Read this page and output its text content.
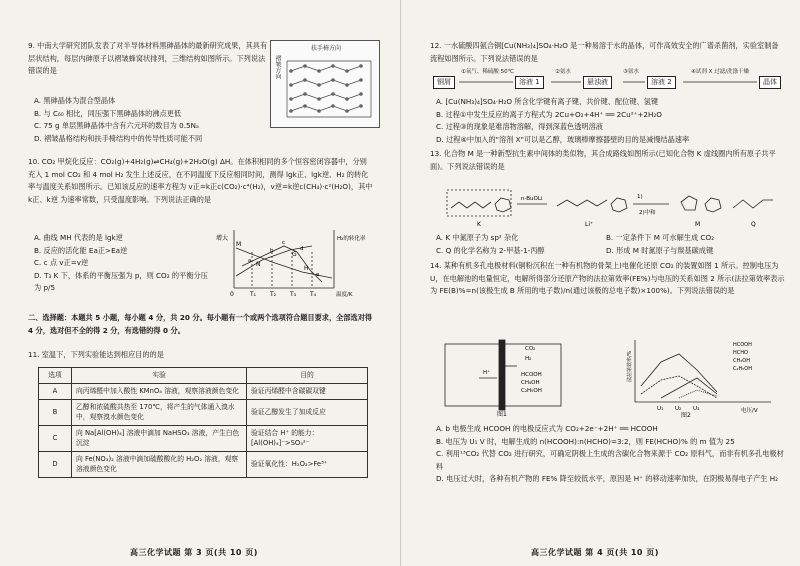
9. 中南大学研究团队发表了对半导体材料黑砷晶体的最新研究成果，其具有层状结构，每层内砷原子以褶皱蜂窝状排列，三维结构如图所示。下列说法错误的是	褶皱方向
扶手椅方向
A. 黑砷晶体为混合型晶体
B. 与 C₆₀ 相比，同压强下黑砷晶体的沸点更低
C. 75 g 单层黑砷晶体中含有六元环的数目为 0.5Nₐ
D. 褶皱晶格结构和扶手椅结构中的传导性质可能不同
10. CO₂ 甲烷化反应：CO₂(g)+4H₂(g)⇌CH₄(g)+2H₂O(g) ΔH。在体积相同的多个恒容密闭容器中，分别充入 1 mol CO₂ 和 4 mol H₂ 发生上述反应，在不同温度下反应相同时间，测得 lgk正、lgk逆、H₂ 的转化率与温度关系如图所示。已知该反应的速率方程为 v正=k正c(CO₂)·c⁴(H₂)，v逆=k逆c(CH₄)·c²(H₂O)，其中 k正、k逆 为速率常数，只受温度影响。下列说法正确的是
A. 曲线 MH 代表的是 lgk逆
B. 反应的活化能 Ea正>Ea逆
C. c 点 v正=v逆
D. T₃ K 下，体系的平衡压强为 p，则 CO₂ 的平衡分压为 p/5
增大	H₂的转化率
0	T₁ T₂ T₃ T₄	温度/K
M
N
H
G
a
b
c
d
e
二、选择题：本题共 5 小题，每小题 4 分，共 20 分。每小题有一个或两个选项符合题目要求，全部选对得 4 分，选对但不全的得 2 分，有选错的得 0 分。
11. 室温下，下列实验能达到相应目的的是
选项	实验	目的
A	向丙烯醛中加入酸性 KMnO₄ 溶液，观察溶液颜色变化	验证丙烯醛中含碳碳双键
B	乙醇和浓硫酸共热至 170℃，将产生的气体通入溴水中，观察溴水颜色变化	验证乙醇发生了加成反应
C	向 Na[Al(OH)₄] 溶液中滴加 NaHSO₃ 溶液，产生白色沉淀	验证结合 H⁺ 的能力：[Al(OH)₄]⁻>SO₃²⁻
D	向 Fe(NO₃)₂ 溶液中滴加硫酸酸化的 H₂O₂ 溶液，观察溶液颜色变化	验证氧化性：H₂O₂>Fe³⁺
高三化学试题 第 3 页(共 10 页)
12. 一水硫酸四氨合铜[Cu(NH₃)₄]SO₄·H₂O 是一种易溶于水的晶体，可作高效安全的广谱杀菌剂，实验室制备流程如图所示。下列说法错误的是
铜屑	溶液 1	悬浊液	溶液 2	晶体
①氧气、稀硫酸 50℃	②氨水	③氨水	④试剂 X 过滤/洗涤干燥
A. [Cu(NH₃)₄]SO₄·H₂O 所含化学键有离子键、共价键、配位键、氢键
B. 过程①中发生反应的离子方程式为 2Cu+O₂+4H⁺ ══ 2Cu²⁺+2H₂O
C. 过程③的现象是难溶物溶解，得到深蓝色透明溶液
D. 过程④中加入的"溶剂 X"可以是乙醇，玻璃棒摩擦器壁的目的是减慢结晶速率
13. 化合物 M 是一种新型抗生素中间体的类似物，其合成路线如图所示(已知化合物 K 虚线圈内所有原子共平面)。下列说法错误的是
n-BuOLi	1)
2)中和
K	Li⁺	M	Q
A. K 中氮原子为 sp² 杂化	B. 一定条件下 M 可水解生成 CO₂
C. Q 的化学名称为 2-甲基-1-丙醇	D. 形成 M 时氮原子与羰基碳成键
14. 某种有机多孔电极材料(铜粉沉积在一种有机物的骨架上)电催化还原 CO₂ 的装置如图 1 所示。控制电压为 U，在电解池的电量恒定，电解所得部分还原产物的法拉第效率(FE%)与电压的关系如图 2 所示(法拉第效率表示为 FE(B)%=n(该极生成 B 所用的电子数)/n(通过该极的总电子数)×100%)。下列说法错误的是
CO₂
H⁺	HCOOH
CH₄OH
C₂H₅OH
H₂
图1
法拉第效率/%
电压/V
U₁ U₂ U₃
HCOOH
HCHO
CH₃OH
C₂H₅OH
图2
A. b 电极生成 HCOOH 的电极反应式为 CO₂+2e⁻+2H⁺ ══ HCOOH
B. 电压为 U₁ V 时，电解生成的 n(HCOOH):n(HCHO)=3:2，则 FE(HCHO)% 的 m 值为 25
C. 利用¹³CO₂ 代替 CO₂ 进行研究，可确定阴极上生成的含碳化合物来源于 CO₂ 原料气，而非有机多孔电极材料
D. 电压过大时，各种有机产物的 FE% 降至较低水平，原因是 H⁺ 的移动速率加快，在阴极易得电子产生 H₂
高三化学试题 第 4 页(共 10 页)
